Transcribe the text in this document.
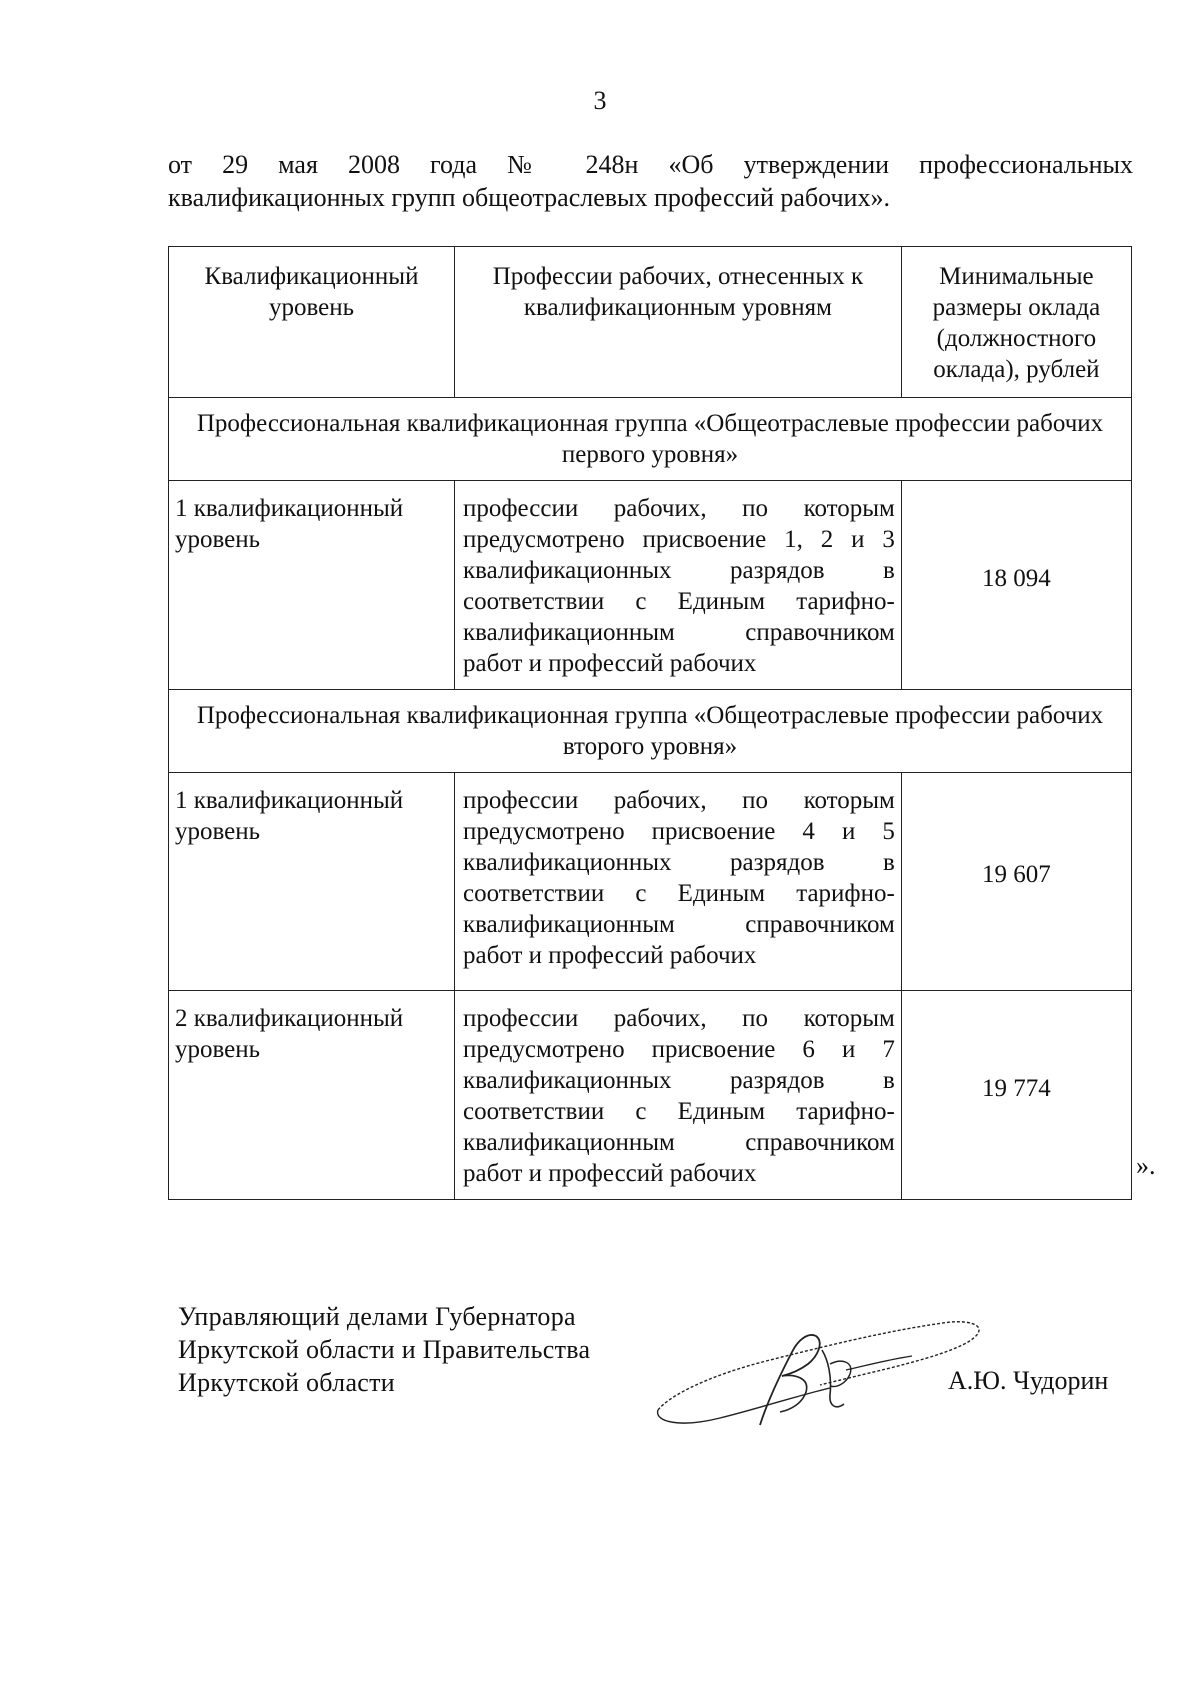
3
от 29 мая 2008 года № 248н «Об утверждении профессиональных
квалификационных групп общеотраслевых профессий рабочих».
Квалификационный уровень	Профессии рабочих, отнесенных к квалификационным уровням	Минимальные размеры оклада (должностного оклада), рублей
Профессиональная квалификационная группа «Общеотраслевые профессии рабочих первого уровня»		
1 квалификационный уровень	профессии рабочих, по которым предусмотрено присвоение 1, 2 и 3 квалификационных разрядов в соответствии с Единым тарифно-квалификационным справочником работ и профессий рабочих	18 094
Профессиональная квалификационная группа «Общеотраслевые профессии рабочих второго уровня»		
1 квалификационный уровень	профессии рабочих, по которым предусмотрено присвоение 4 и 5 квалификационных разрядов в соответствии с Единым тарифно-квалификационным справочником работ и профессий рабочих	19 607
2 квалификационный уровень	профессии рабочих, по которым предусмотрено присвоение 6 и 7 квалификационных разрядов в соответствии с Единым тарифно-квалификационным справочником работ и профессий рабочих	19 774
».
Управляющий делами Губернатора
Иркутской области и Правительства
Иркутской области	А.Ю. Чудорин
